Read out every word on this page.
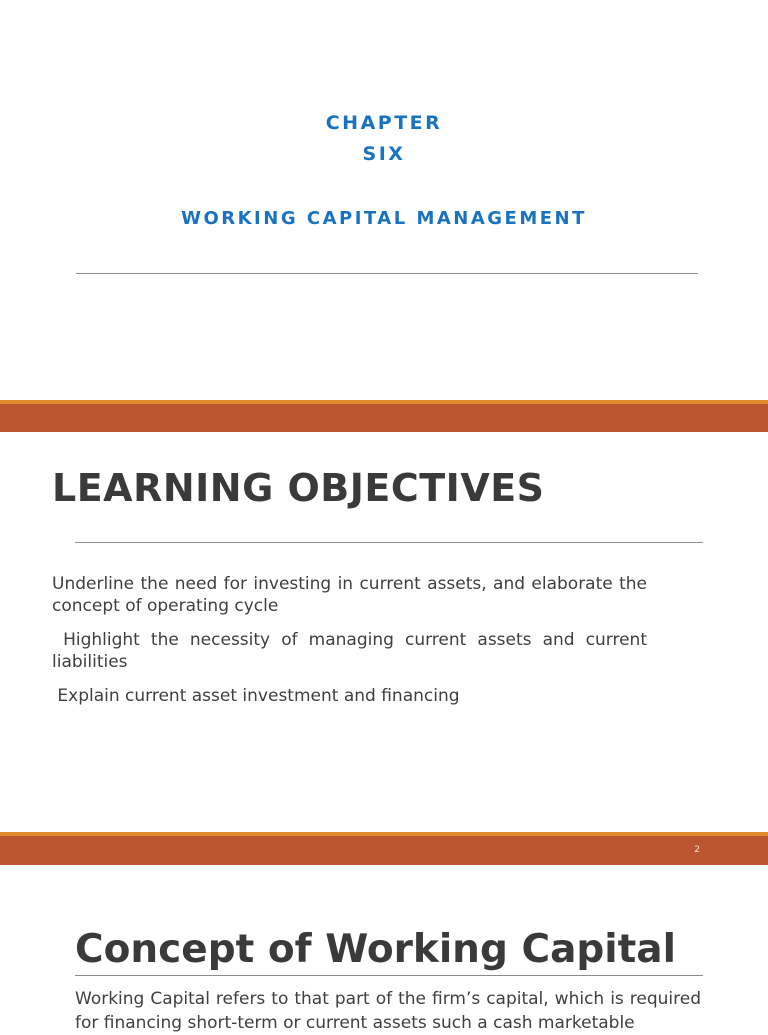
CHAPTER
SIX
WORKING CAPITAL MANAGEMENT
LEARNING OBJECTIVES
Underline the need for investing in current assets, and elaborate the concept of operating cycle
Highlight the necessity of managing current assets and current liabilities
Explain current asset investment and financing
2
Concept of Working Capital
Working Capital refers to that part of the firm’s capital, which is required for financing short-term or current assets such a cash marketable
